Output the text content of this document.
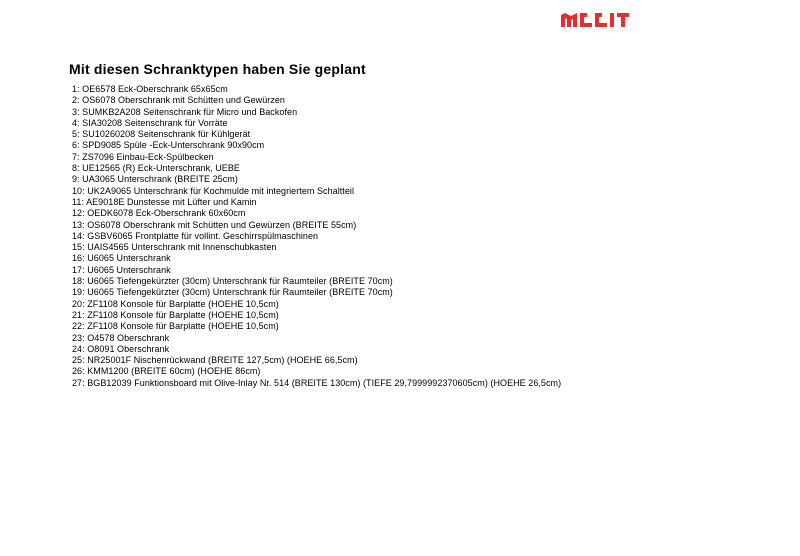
Mit diesen Schranktypen haben Sie geplant
1: OE6578 Eck-Oberschrank 65x65cm
2: OS6078 Oberschrank mit Schütten und Gewürzen
3: SUMKB2A208 Seitenschrank für Micro und Backofen
4: SIA30208 Seitenschrank für Vorräte
5: SU10260208 Seitenschrank für Kühlgerät
6: SPD9085 Spüle -Eck-Unterschrank 90x90cm
7: ZS7096 Einbau-Eck-Spülbecken
8: UE12565 (R) Eck-Unterschrank, UEBE
9: UA3065 Unterschrank (BREITE 25cm)
10: UK2A9065 Unterschrank für Kochmulde mit integriertem Schaltteil
11: AE9018E Dunstesse mit Lüfter und Kamin
12: OEDK6078 Eck-Oberschrank 60x60cm
13: OS6078 Oberschrank mit Schütten und Gewürzen (BREITE 55cm)
14: GSBV6065 Frontplatte für vollint. Geschirrspülmaschinen
15: UAIS4565 Unterschrank mit Innenschubkasten
16: U6065 Unterschrank
17: U6065 Unterschrank
18: U6065 Tiefengekürzter (30cm) Unterschrank für Raumteiler (BREITE 70cm)
19: U6065 Tiefengekürzter (30cm) Unterschrank für Raumteiler (BREITE 70cm)
20: ZF1108 Konsole für Barplatte (HOEHE 10,5cm)
21: ZF1108 Konsole für Barplatte (HOEHE 10,5cm)
22: ZF1108 Konsole für Barplatte (HOEHE 10,5cm)
23: O4578 Oberschrank
24: O8091 Oberschrank
25: NR25001F Nischenrückwand (BREITE 127,5cm) (HOEHE 66,5cm)
26: KMM1200 (BREITE 60cm) (HOEHE 86cm)
27: BGB12039 Funktionsboard mit Olive-Inlay Nr. 514 (BREITE 130cm) (TIEFE 29,7999992370605cm) (HOEHE 26,5cm)
